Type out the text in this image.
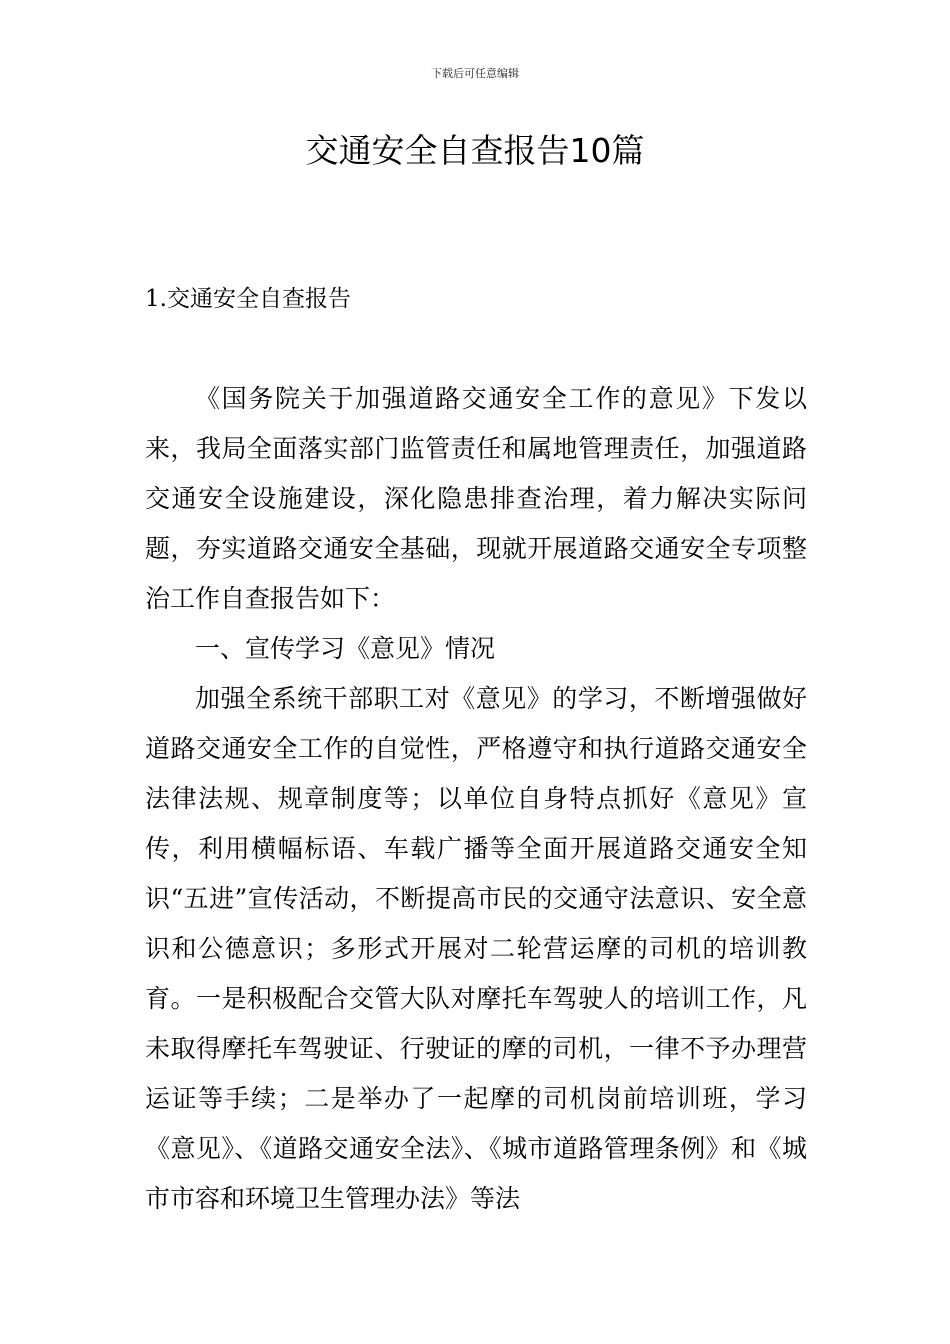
下载后可任意编辑
交通安全自查报告10篇
1.交通安全自查报告

《国务院关于加强道路交通安全工作的意见》下发以来，我局全面落实部门监管责任和属地管理责任，加强道路交通安全设施建设，深化隐患排查治理，着力解决实际问题，夯实道路交通安全基础，现就开展道路交通安全专项整治工作自查报告如下：

一、宣传学习《意见》情况

加强全系统干部职工对《意见》的学习，不断增强做好道路交通安全工作的自觉性，严格遵守和执行道路交通安全法律法规、规章制度等；以单位自身特点抓好《意见》宣传，利用横幅标语、车载广播等全面开展道路交通安全知识“五进”宣传活动，不断提高市民的交通守法意识、安全意识和公德意识；多形式开展对二轮营运摩的司机的培训教育。一是积极配合交管大队对摩托车驾驶人的培训工作，凡未取得摩托车驾驶证、行驶证的摩的司机，一律不予办理营运证等手续；二是举办了一起摩的司机岗前培训班，学习《意见》、《道路交通安全法》、《城市道路管理条例》和《城市市容和环境卫生管理办法》等法
